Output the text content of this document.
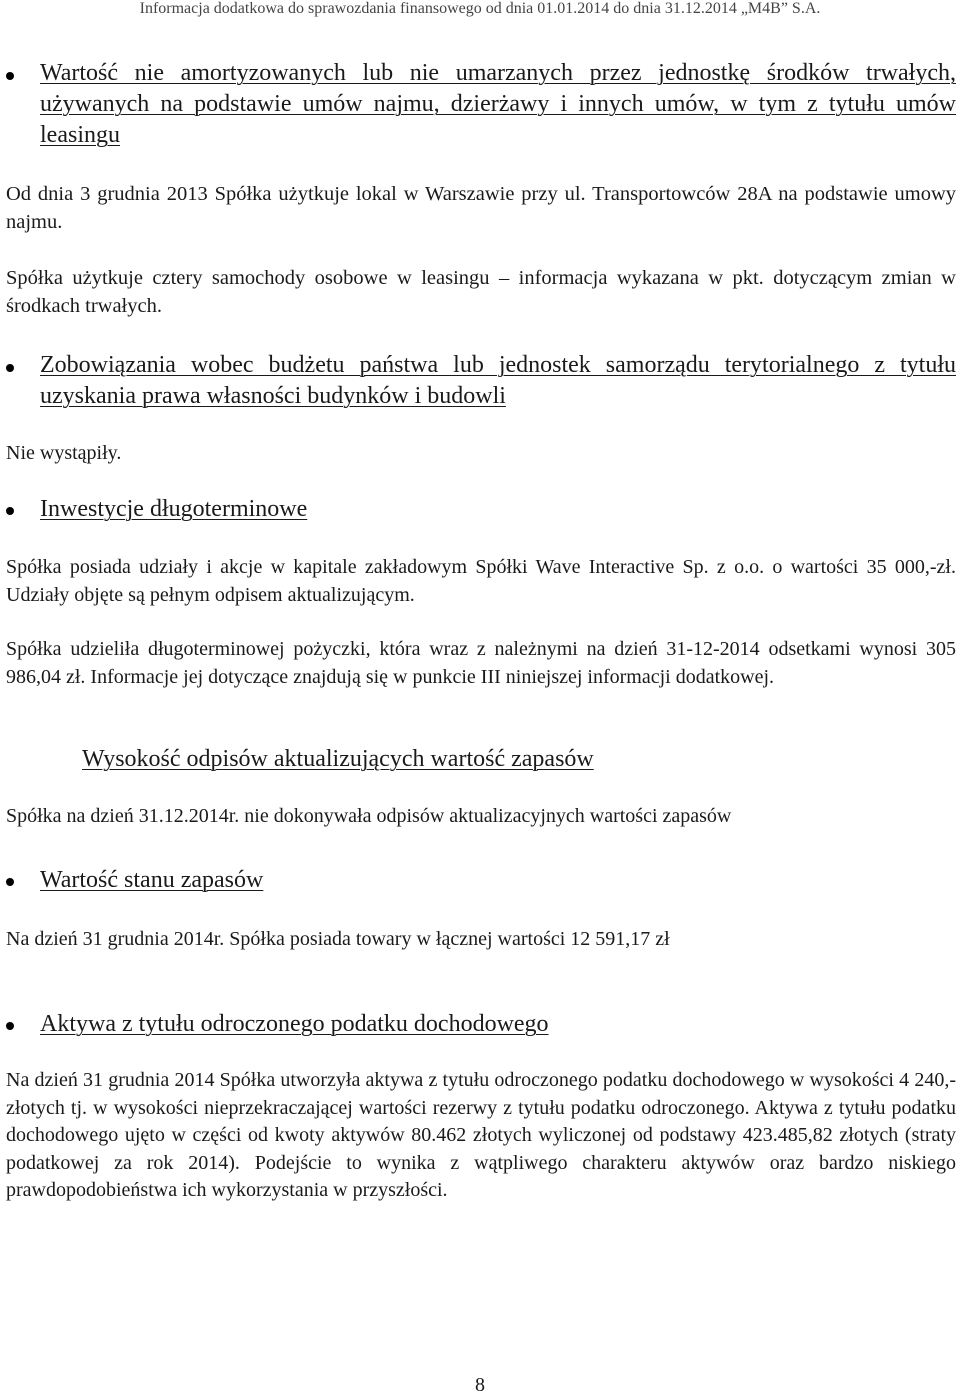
Informacja dodatkowa do sprawozdania finansowego od dnia 01.01.2014 do dnia 31.12.2014 „M4B” S.A.
Wartość nie amortyzowanych lub nie umarzanych przez jednostkę środków trwałych, używanych na podstawie umów najmu, dzierżawy i innych umów, w tym z tytułu umów leasingu

Od dnia 3 grudnia 2013 Spółka użytkuje lokal w Warszawie przy ul. Transportowców 28A na podstawie umowy najmu.

Spółka użytkuje cztery samochody osobowe w leasingu – informacja wykazana w pkt. dotyczącym zmian w środkach trwałych.

Zobowiązania wobec budżetu państwa lub jednostek samorządu terytorialnego z tytułu uzyskania prawa własności budynków i budowli

Nie wystąpiły.

Inwestycje długoterminowe

Spółka posiada udziały i akcje w kapitale zakładowym Spółki Wave Interactive Sp. z o.o. o wartości 35 000,-zł. Udziały objęte są pełnym odpisem aktualizującym.

Spółka udzieliła długoterminowej pożyczki, która wraz z należnymi na dzień 31-12-2014 odsetkami wynosi 305 986,04 zł. Informacje jej dotyczące znajdują się w punkcie III niniejszej informacji dodatkowej.

Wysokość odpisów aktualizujących wartość zapasów

Spółka na dzień 31.12.2014r. nie dokonywała odpisów aktualizacyjnych wartości zapasów

Wartość stanu zapasów

Na dzień 31 grudnia 2014r. Spółka posiada towary w łącznej wartości 12 591,17 zł

Aktywa z tytułu odroczonego podatku dochodowego

Na dzień 31 grudnia 2014 Spółka utworzyła aktywa z tytułu odroczonego podatku dochodowego w wysokości 4 240,- złotych tj. w wysokości nieprzekraczającej wartości rezerwy z tytułu podatku odroczonego. Aktywa z tytułu podatku dochodowego ujęto w części od kwoty aktywów 80.462 złotych wyliczonej od podstawy 423.485,82 złotych (straty podatkowej za rok 2014). Podejście to wynika z wątpliwego charakteru aktywów oraz bardzo niskiego prawdopodobieństwa ich wykorzystania w przyszłości.

8
